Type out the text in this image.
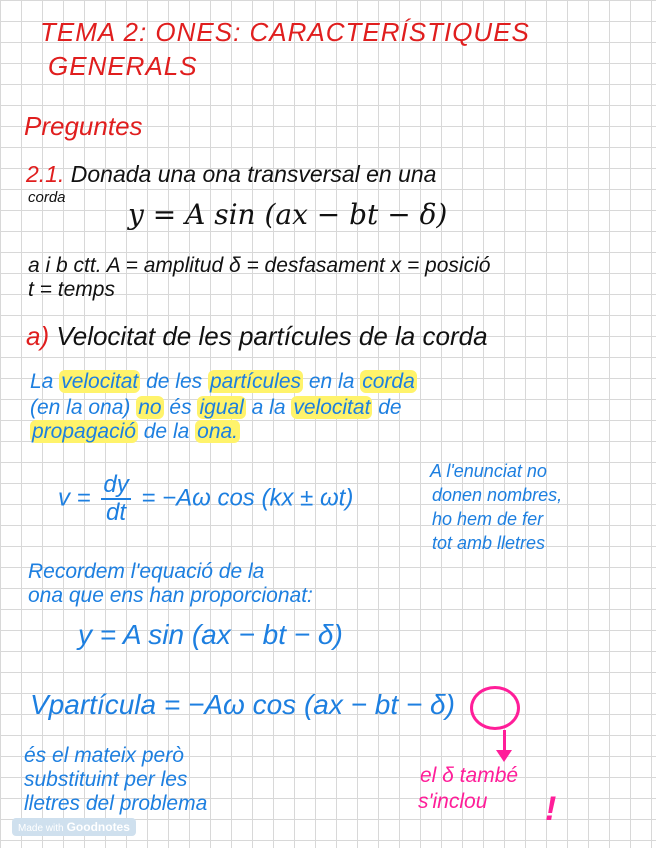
TEMA 2: ONES: CARACTERÍSTIQUES
GENERALS
Preguntes
2.1. Donada una ona transversal en una
corda
y = A sin (ax − bt − δ)
a i b ctt. A = amplitud δ = desfasament x = posició
t = temps
a) Velocitat de les partícules de la corda
La velocitat de les partícules en la corda
(en la ona) no és igual a la velocitat de
propagació de la ona.
$v = \frac{dy}{dt} = -A\omega$ cos (kx ± ωt)
A l'enunciat no
donen nombres,
ho hem de fer
tot amb lletres
Recordem l'equació de la
ona que ens han proporcionat:
y = A sin (ax − bt − δ)
Vpartícula = −Aω cos (ax − bt − δ)
és el mateix però
substituint per les
lletres del problema
el δ també
s'inclou !
Made with Goodnotes
